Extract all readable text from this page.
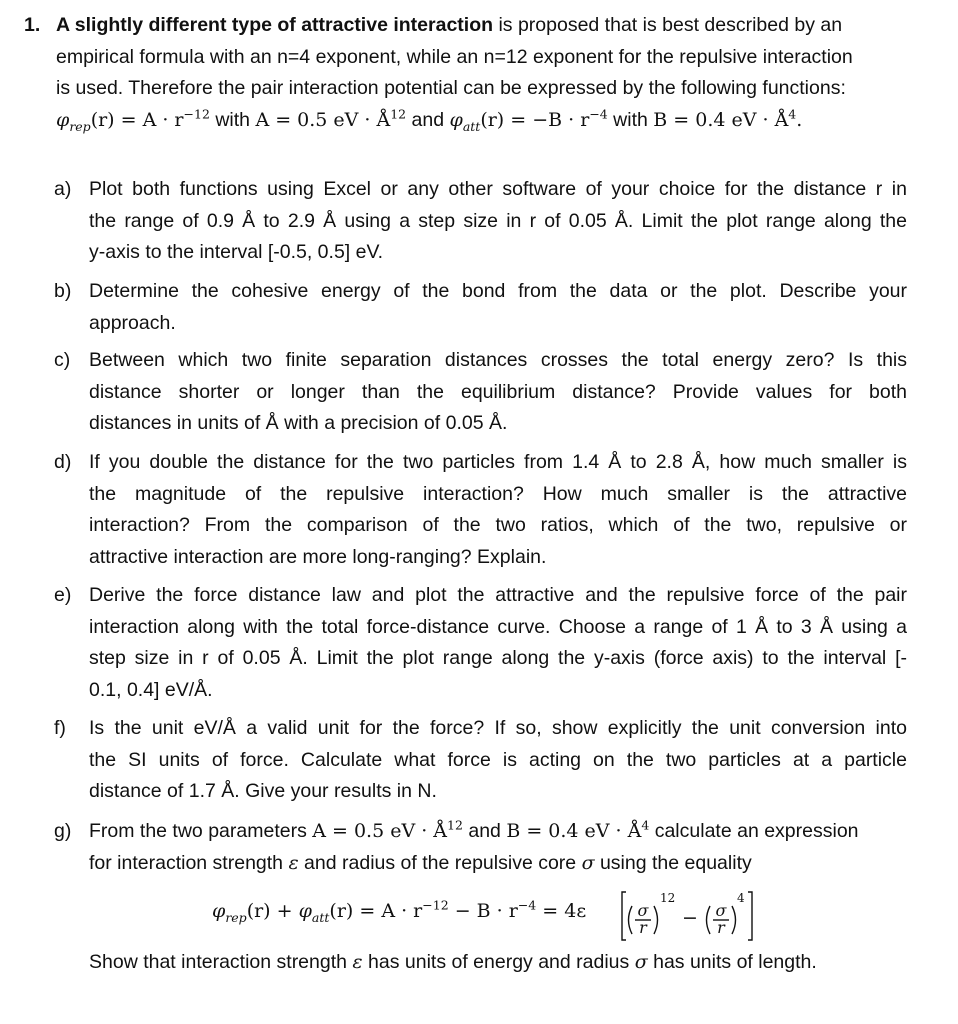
1. A slightly different type of attractive interaction is proposed that is best described by an
empirical formula with an n=4 exponent, while an n=12 exponent for the repulsive interaction
is used. Therefore the pair interaction potential can be expressed by the following functions:
$\varphi_{rep}(r) = A \cdot r^{-12}$ with A = 0.5 eV · $Å^{12}$ and $\varphi_{att}(r) = -B \cdot r^{-4}$ with B = 0.4 eV · $Å^4$.
a) Plot both functions using Excel or any other software of your choice for the distance r in
the range of 0.9 Å to 2.9 Å using a step size in r of 0.05 Å. Limit the plot range along the
y-axis to the interval [-0.5, 0.5] eV.
b) Determine the cohesive energy of the bond from the data or the plot. Describe your
approach.
c) Between which two finite separation distances crosses the total energy zero? Is this
distance shorter or longer than the equilibrium distance? Provide values for both
distances in units of Å with a precision of 0.05 Å.
d) If you double the distance for the two particles from 1.4 Å to 2.8 Å, how much smaller is
the magnitude of the repulsive interaction? How much smaller is the attractive
interaction? From the comparison of the two ratios, which of the two, repulsive or
attractive interaction are more long-ranging? Explain.
e) Derive the force distance law and plot the attractive and the repulsive force of the pair
interaction along with the total force-distance curve. Choose a range of 1 Å to 3 Å using a
step size in r of 0.05 Å. Limit the plot range along the y-axis (force axis) to the interval [-
0.1, 0.4] eV/Å.
f) Is the unit eV/Å a valid unit for the force? If so, show explicitly the unit conversion into
the SI units of force. Calculate what force is acting on the two particles at a particle
distance of 1.7 Å. Give your results in N.
g) From the two parameters A = 0.5 eV · $Å^{12}$ and B = 0.4 eV · $Å^4$ calculate an expression
for interaction strength ε and radius of the repulsive core σ using the equality
$\varphi_{rep}(r) + \varphi_{att}(r) = A \cdot r^{-12} - B \cdot r^{-4} = 4\varepsilon$	σ
r
σ
r
12
−
4
Show that interaction strength ε has units of energy and radius σ has units of length.
